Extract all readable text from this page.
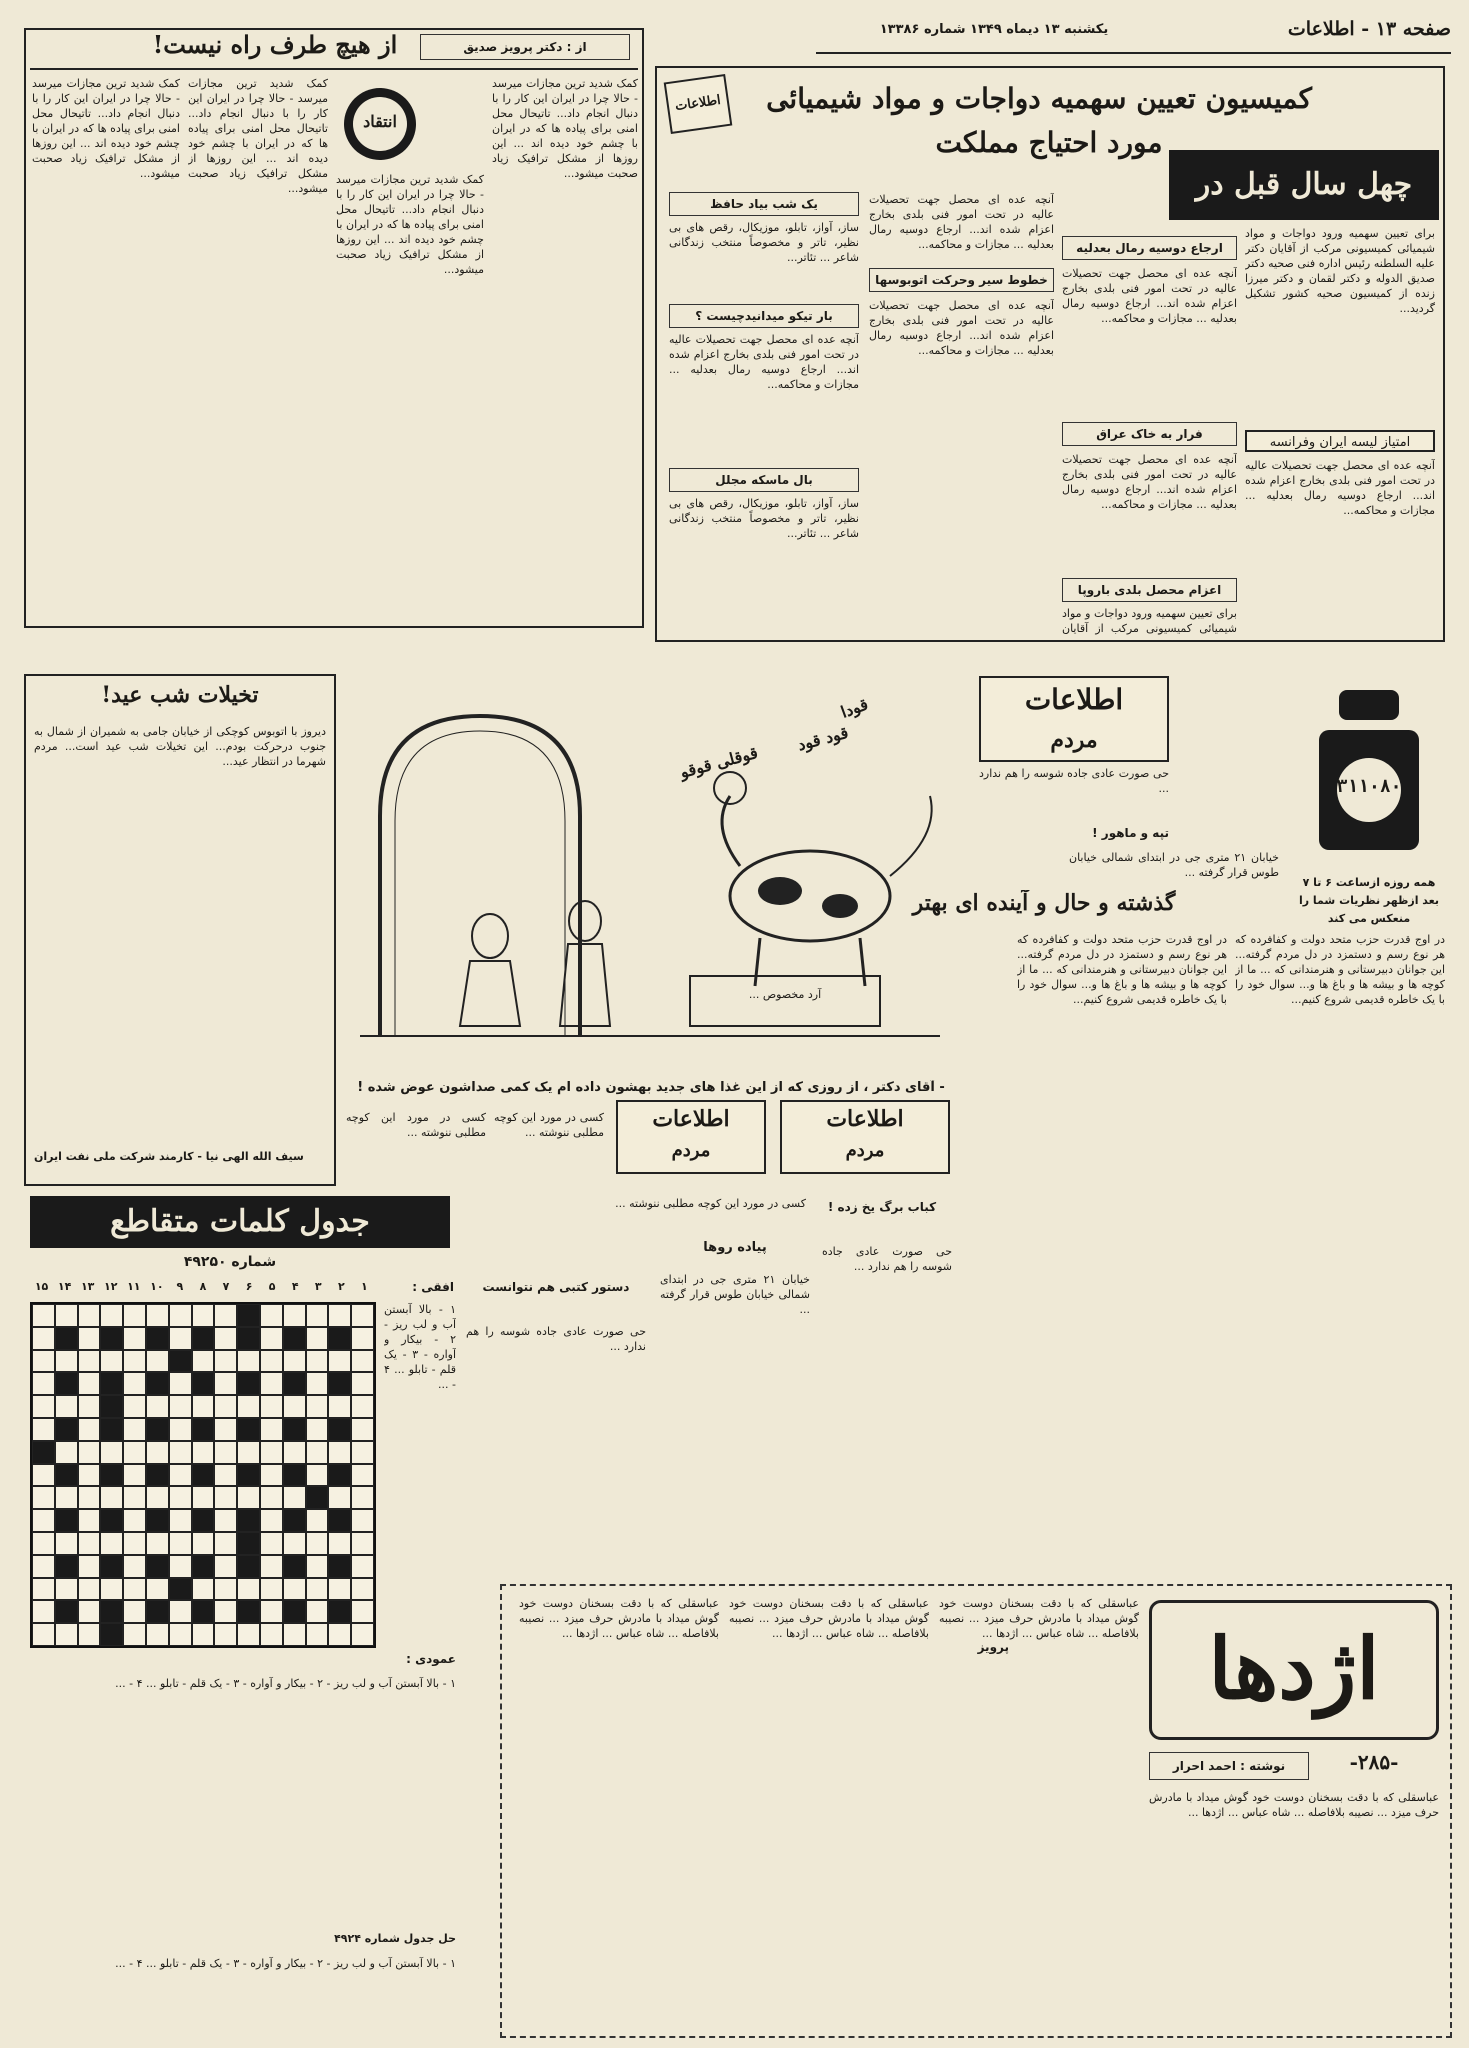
صفحه ۱۳ - اطلاعات
یکشنبه ۱۳ دیماه ۱۳۴۹ شماره ۱۳۳۸۶
اطلاعات	کمیسیون تعیین سهمیه دواجات و مواد شیمیائی
مورد احتیاج مملکت
چهل سال قبل در
برای تعیین سهمیه ورود دواجات و مواد شیمیائی کمیسیونی مرکب از آقایان دکتر علیه السلطنه رئیس اداره فنی صحیه دکتر صدیق الدوله و دکتر لقمان و دکتر میرزا زنده از کمیسیون صحیه کشور تشکیل گردید...
امتیاز لیسه ایران وفرانسه
آنچه عده ای محصل جهت تحصیلات عالیه در تحت امور فنی بلدی بخارج اعزام شده اند... ارجاع دوسیه رمال بعدلیه ... مجازات و محاکمه...
ارجاع دوسیه رمال بعدلیه
آنچه عده ای محصل جهت تحصیلات عالیه در تحت امور فنی بلدی بخارج اعزام شده اند... ارجاع دوسیه رمال بعدلیه ... مجازات و محاکمه...
فرار به خاک عراق
آنچه عده ای محصل جهت تحصیلات عالیه در تحت امور فنی بلدی بخارج اعزام شده اند... ارجاع دوسیه رمال بعدلیه ... مجازات و محاکمه...
اعزام محصل بلدی باروپا
برای تعیین سهمیه ورود دواجات و مواد شیمیائی کمیسیونی مرکب از آقایان
آنچه عده ای محصل جهت تحصیلات عالیه در تحت امور فنی بلدی بخارج اعزام شده اند... ارجاع دوسیه رمال بعدلیه ... مجازات و محاکمه...
خطوط سیر وحرکت اتوبوسها
آنچه عده ای محصل جهت تحصیلات عالیه در تحت امور فنی بلدی بخارج اعزام شده اند... ارجاع دوسیه رمال بعدلیه ... مجازات و محاکمه...
یک شب بیاد حافظ
ساز، آواز، تابلو، موزیکال، رقص های بی نظیر، تاتر و مخصوصاً منتخب زندگانی شاعر ... تئاتر...
بار تیکو میدانیدچیست ؟
آنچه عده ای محصل جهت تحصیلات عالیه در تحت امور فنی بلدی بخارج اعزام شده اند... ارجاع دوسیه رمال بعدلیه ... مجازات و محاکمه...
بال ماسکه مجلل
ساز، آواز، تابلو، موزیکال، رقص های بی نظیر، تاتر و مخصوصاً منتخب زندگانی شاعر ... تئاتر...
از هیچ طرف راه نیست!	از : دکتر پرویز صدیق
کمک شدید ترین مجازات میرسد - حالا چرا در ایران این کار را با دنبال انجام داد... تاتیحال محل امنی برای پیاده ها که در ایران با چشم خود دیده اند ... این روزها از مشکل ترافیک زیاد صحبت میشود...
انتقاد
کمک شدید ترین مجازات میرسد - حالا چرا در ایران این کار را با دنبال انجام داد... تاتیحال محل امنی برای پیاده ها که در ایران با چشم خود دیده اند ... این روزها از مشکل ترافیک زیاد صحبت میشود...
کمک شدید ترین مجازات میرسد - حالا چرا در ایران این کار را با دنبال انجام داد... تاتیحال محل امنی برای پیاده ها که در ایران با چشم خود دیده اند ... این روزها از مشکل ترافیک زیاد صحبت میشود...
کمک شدید ترین مجازات میرسد - حالا چرا در ایران این کار را با دنبال انجام داد... تاتیحال محل امنی برای پیاده ها که در ایران با چشم خود دیده اند ... این روزها از مشکل ترافیک زیاد صحبت میشود...
تخیلات شب عید!
دیروز با اتوبوس کوچکی از خیابان جامی به شمیران از شمال به جنوب درحرکت بودم... این تخیلات شب عید است... مردم شهرما در انتظار عید...
سیف الله الهی نیا - کارمند شرکت ملی نفت ایران
جدول کلمات متقاطع
شماره ۴۹۲۵۰
۱۵ ۱۴ ۱۳ ۱۲ ۱۱ ۱۰	۹	۸	۷	۶	۵	۴	۳	۲	۱	افقی :
۱ - بالا آبستن آب و لب ریز - ۲ - بیکار و آواره - ۳ - یک قلم - تابلو ... ۴ - ...
عمودی :
۱ - بالا آبستن آب و لب ریز - ۲ - بیکار و آواره - ۳ - یک قلم - تابلو ... ۴ - ...
حل جدول شماره ۴۹۲۴
۱ - بالا آبستن آب و لب ریز - ۲ - بیکار و آواره - ۳ - یک قلم - تابلو ... ۴ - ...
قودا
قود قود
قوقلی قوقو
آرد مخصوص ...
- آقای دکتر ، از روزی که از این غذا های جدید بهشون داده ام یک کمی صداشون عوض شده !
کسی در مورد این کوچه مطلبی ننوشته ...
کسی در مورد این کوچه مطلبی ننوشته ...
اطلاعات
مردم
اطلاعات
مردم
اطلاعات
مردم
۳۱۱۰۸۰
همه روزه ازساعت ۶ تا ۷ بعد ازظهر نظریات شما را منعکس می کند
حی صورت عادی جاده شوسه را هم ندارد ...
تپه و ماهور !
خیابان ۲۱ متری جی در ابتدای شمالی خیابان طوس قرار گرفته ...
گذشته و حال و آینده ای بهتر
در اوج قدرت حزب متحد دولت و کفافرده که هر نوع رسم و دستمزد در دل مردم گرفته... این جوانان دبیرستانی و هنرمندانی که ... ما از کوچه ها و بیشه ها و باغ ها و... سوال خود را با یک خاطره قدیمی شروع کنیم...
در اوج قدرت حزب متحد دولت و کفافرده که هر نوع رسم و دستمزد در دل مردم گرفته... این جوانان دبیرستانی و هنرمندانی که ... ما از کوچه ها و بیشه ها و باغ ها و... سوال خود را با یک خاطره قدیمی شروع کنیم...
پرویز
کباب برگ یخ زده !
حی صورت عادی جاده شوسه را هم ندارد ...
پیاده روها
خیابان ۲۱ متری جی در ابتدای شمالی خیابان طوس قرار گرفته ...
دستور کتبی هم نتوانست
حی صورت عادی جاده شوسه را هم ندارد ...
کسی در مورد این کوچه مطلبی ننوشته ...
اژدها
-۲۸۵-
نوشته : احمد احرار
عباسقلی که با دقت بسخنان دوست خود گوش میداد با مادرش حرف میزد ... نصیبه بلافاصله ... شاه عباس ... اژدها ...
عباسقلی که با دقت بسخنان دوست خود گوش میداد با مادرش حرف میزد ... نصیبه بلافاصله ... شاه عباس ... اژدها ...
عباسقلی که با دقت بسخنان دوست خود گوش میداد با مادرش حرف میزد ... نصیبه بلافاصله ... شاه عباس ... اژدها ...
عباسقلی که با دقت بسخنان دوست خود گوش میداد با مادرش حرف میزد ... نصیبه بلافاصله ... شاه عباس ... اژدها ...
